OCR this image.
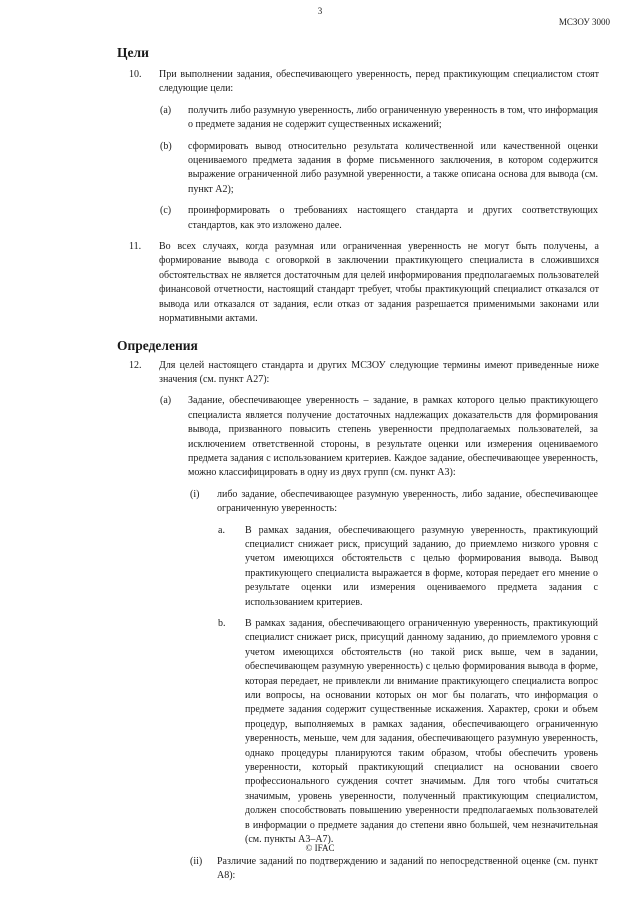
3
МСЗОУ 3000
Цели
10. При выполнении задания, обеспечивающего уверенность, перед практикующим специалистом стоят следующие цели:
(a) получить либо разумную уверенность, либо ограниченную уверенность в том, что информация о предмете задания не содержит существенных искажений;
(b) сформировать вывод относительно результата количественной или качественной оценки оцениваемого предмета задания в форме письменного заключения, в котором содержится выражение ограниченной либо разумной уверенности, а также описана основа для вывода (см. пункт А2);
(c) проинформировать о требованиях настоящего стандарта и других соответствующих стандартов, как это изложено далее.
11. Во всех случаях, когда разумная или ограниченная уверенность не могут быть получены, а формирование вывода с оговоркой в заключении практикующего специалиста в сложившихся обстоятельствах не является достаточным для целей информирования предполагаемых пользователей финансовой отчетности, настоящий стандарт требует, чтобы практикующий специалист отказался от вывода или отказался от задания, если отказ от задания разрешается применимыми законами или нормативными актами.
Определения
12. Для целей настоящего стандарта и других МСЗОУ следующие термины имеют приведенные ниже значения (см. пункт А27):
(a) Задание, обеспечивающее уверенность – задание, в рамках которого целью практикующего специалиста является получение достаточных надлежащих доказательств для формирования вывода, призванного повысить степень уверенности предполагаемых пользователей, за исключением ответственной стороны, в результате оценки или измерения оцениваемого предмета задания с использованием критериев. Каждое задание, обеспечивающее уверенность, можно классифицировать в одну из двух групп (см. пункт А3):
(i) либо задание, обеспечивающее разумную уверенность, либо задание, обеспечивающее ограниченную уверенность:
a. В рамках задания, обеспечивающего разумную уверенность, практикующий специалист снижает риск, присущий заданию, до приемлемо низкого уровня с учетом имеющихся обстоятельств с целью формирования вывода. Вывод практикующего специалиста выражается в форме, которая передает его мнение о результате оценки или измерения оцениваемого предмета задания с использованием критериев.
b. В рамках задания, обеспечивающего ограниченную уверенность, практикующий специалист снижает риск, присущий данному заданию, до приемлемого уровня с учетом имеющихся обстоятельств (но такой риск выше, чем в задании, обеспечивающем разумную уверенность) с целью формирования вывода в форме, которая передает, не привлекли ли внимание практикующего специалиста вопрос или вопросы, на основании которых он мог бы полагать, что информация о предмете задания содержит существенные искажения. Характер, сроки и объем процедур, выполняемых в рамках задания, обеспечивающего ограниченную уверенность, меньше, чем для задания, обеспечивающего разумную уверенность, однако процедуры планируются таким образом, чтобы обеспечить уровень уверенности, который практикующий специалист на основании своего профессионального суждения сочтет значимым. Для того чтобы считаться значимым, уровень уверенности, полученный практикующим специалистом, должен способствовать повышению уверенности предполагаемых пользователей в информации о предмете задания до степени явно большей, чем незначительная (см. пункты А3–А7).
(ii) Различие заданий по подтверждению и заданий по непосредственной оценке (см. пункт А8):
© IFAC
